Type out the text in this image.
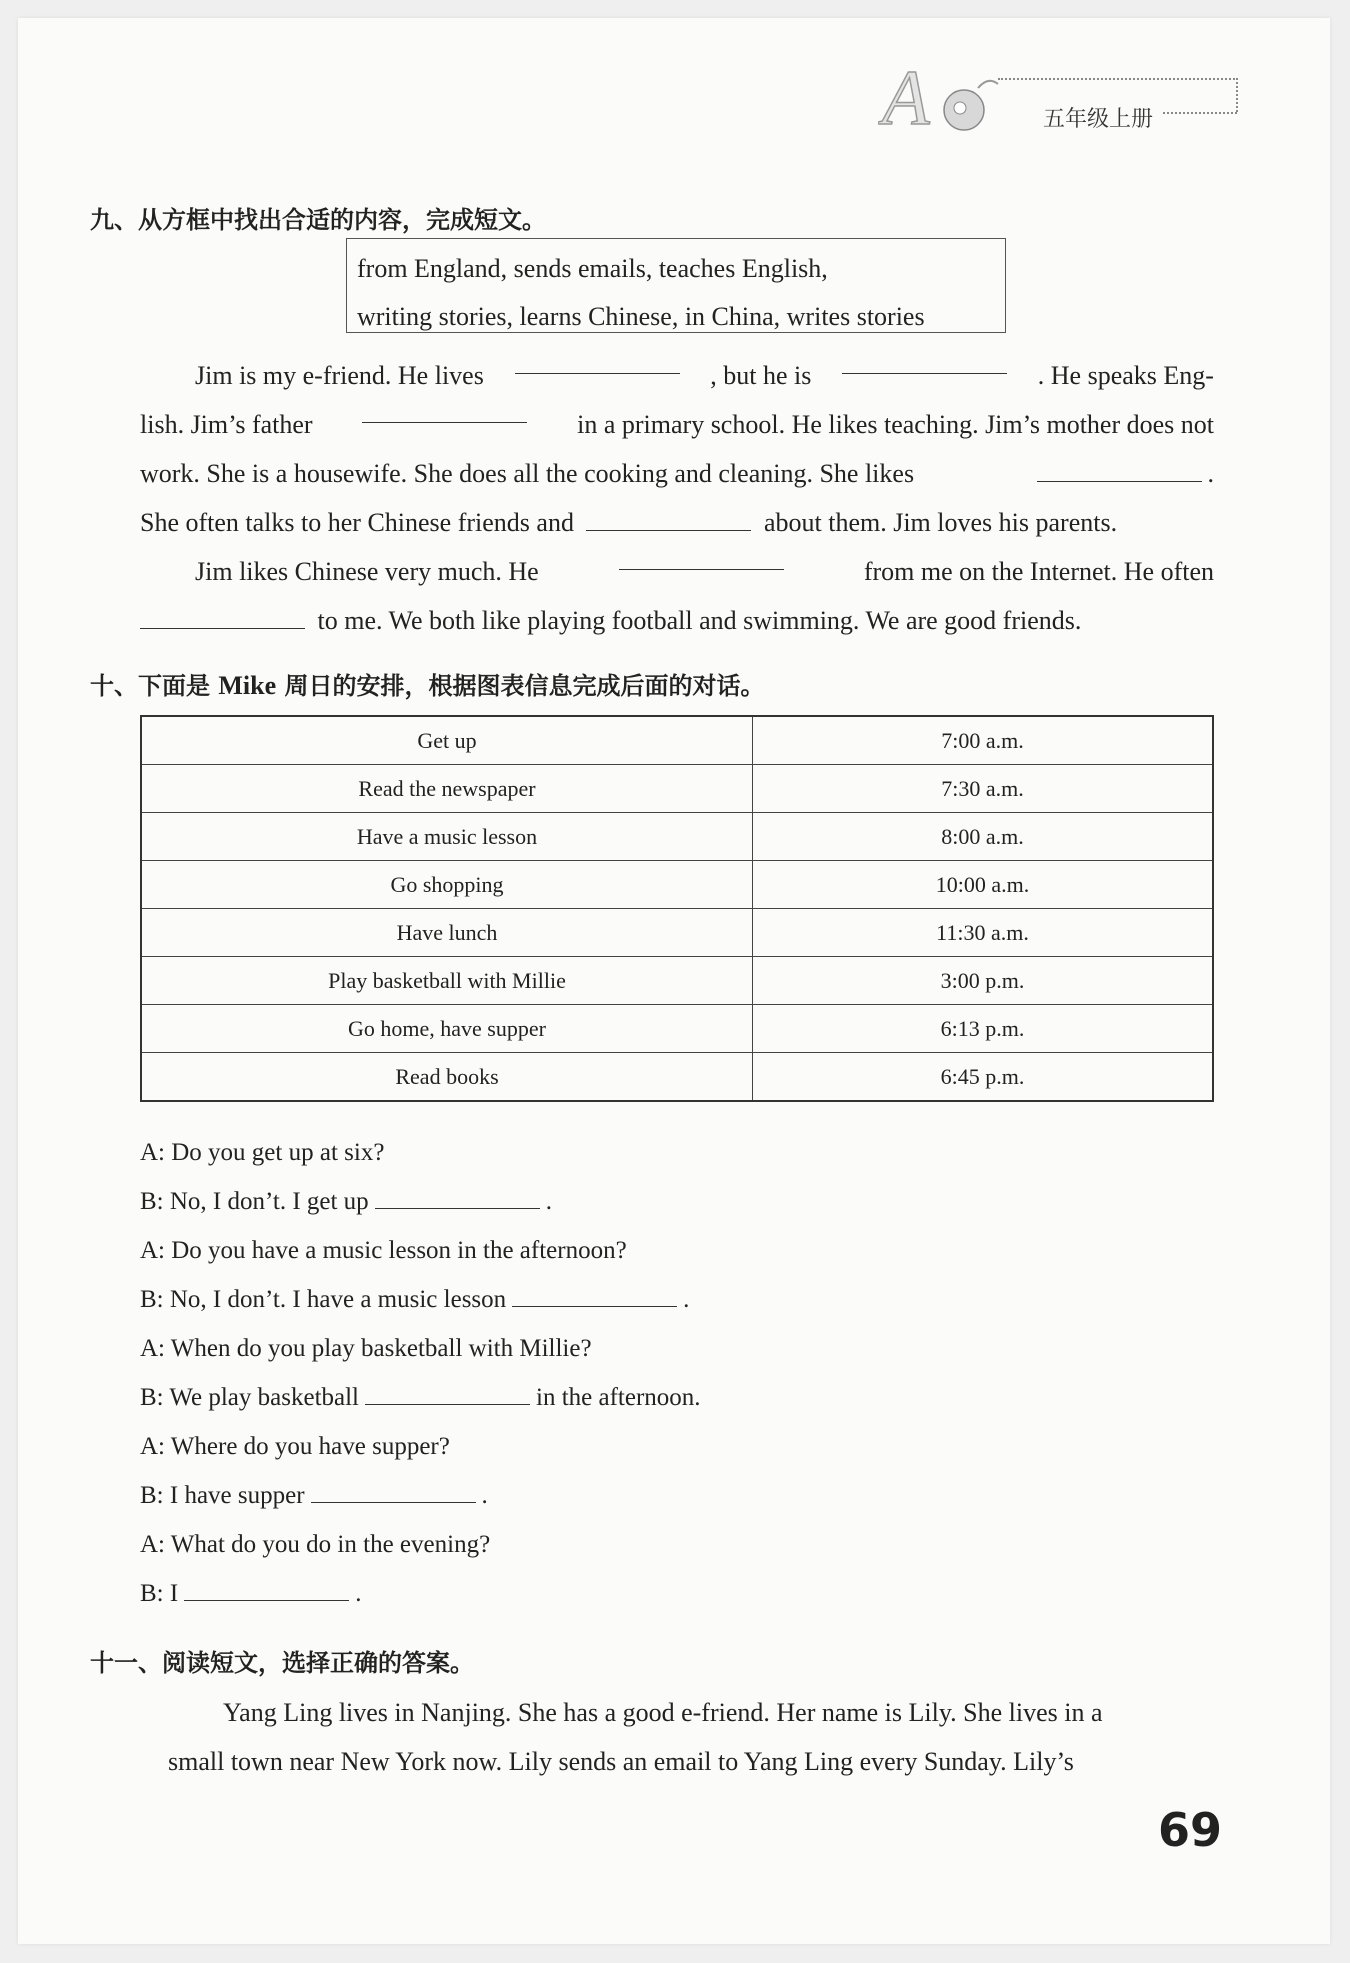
A	五年级上册
九、从方框中找出合适的内容，完成短文。
from England, sends emails, teaches English,
writing stories, learns Chinese, in China, writes stories
Jim is my e-friend. He lives	, but he is	. He speaks Eng-
lish. Jim’s father	in a primary school. He likes teaching. Jim’s mother does not
work. She is a housewife. She does all the cooking and cleaning. She likes	.
She often talks to her Chinese friends and	about them. Jim loves his parents.
Jim likes Chinese very much. He	from me on the Internet. He often
to me. We both like playing football and swimming. We are good friends.
十、下面是 Mike 周日的安排，根据图表信息完成后面的对话。
Get up	7:00 a.m.
Read the newspaper	7:30 a.m.
Have a music lesson	8:00 a.m.
Go shopping	10:00 a.m.
Have lunch	11:30 a.m.
Play basketball with Millie	3:00 p.m.
Go home, have supper	6:13 p.m.
Read books	6:45 p.m.
A: Do you get up at six?
B: No, I don’t. I get up	.
A: Do you have a music lesson in the afternoon?
B: No, I don’t. I have a music lesson	.
A: When do you play basketball with Millie?
B: We play basketball	in the afternoon.
A: Where do you have supper?
B: I have supper	.
A: What do you do in the evening?
B: I	.
十一、阅读短文，选择正确的答案。
Yang Ling lives in Nanjing. She has a good e-friend. Her name is Lily. She lives in a
small town near New York now. Lily sends an email to Yang Ling every Sunday. Lily’s
69
